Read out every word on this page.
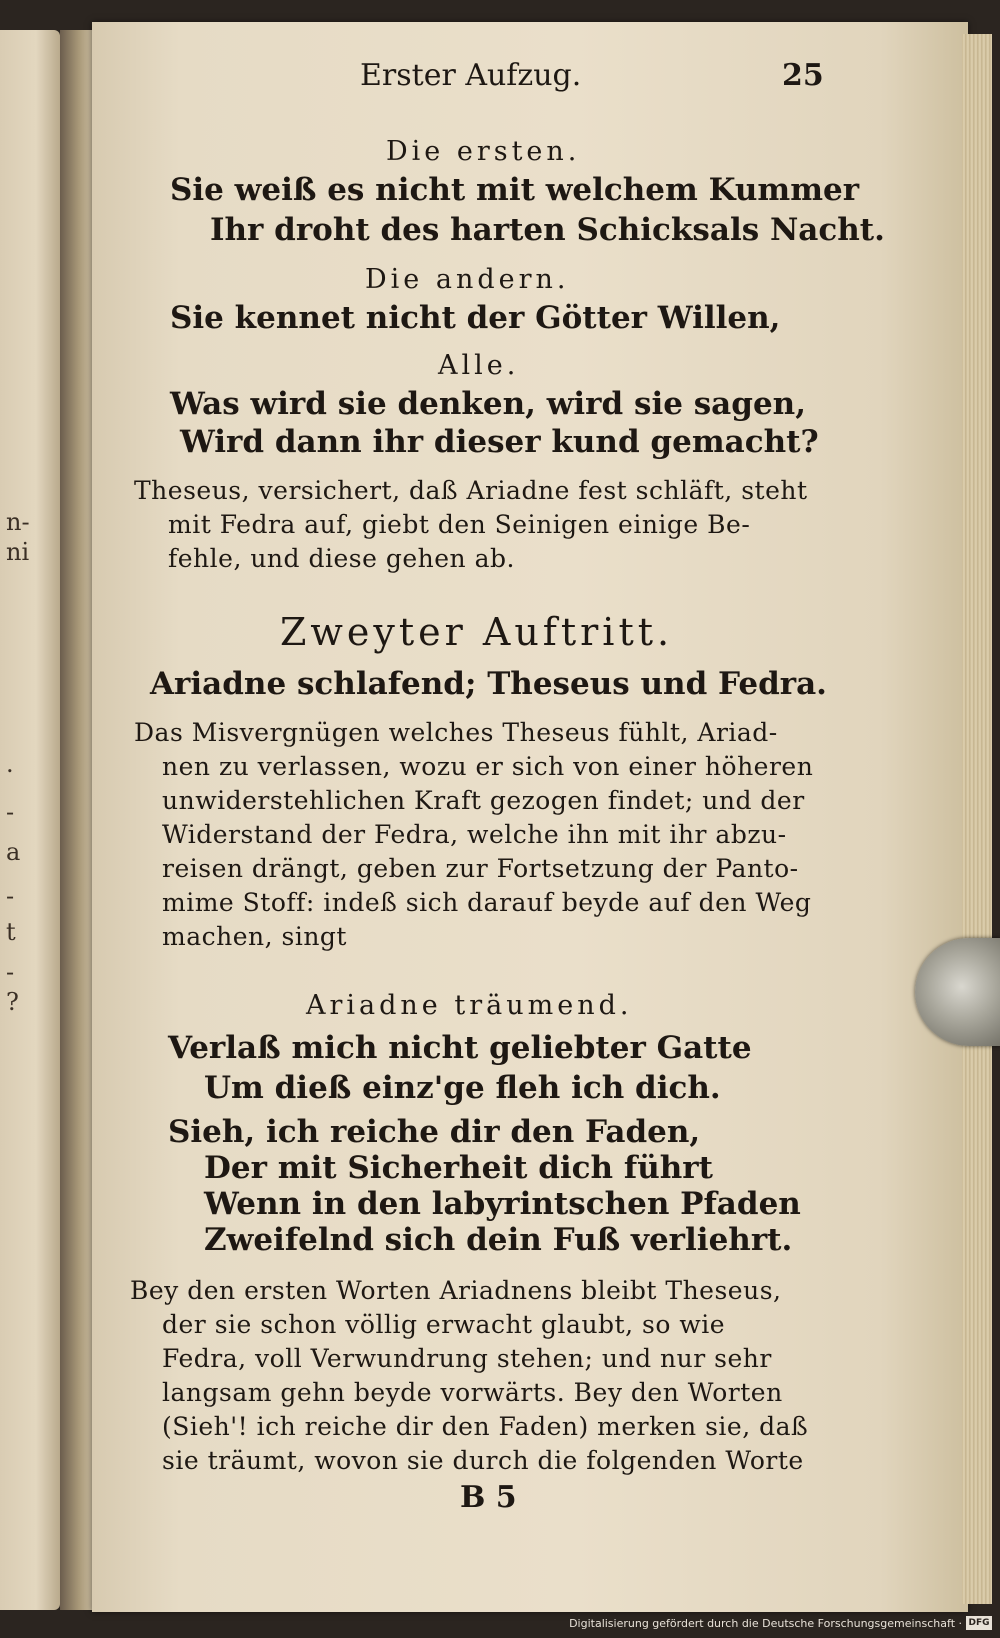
n-
ni
.
-
a
-
t
-
?
Erster Aufzug.	25
Die ersten.
Sie weiß es nicht mit welchem Kummer
Ihr droht des harten Schicksals Nacht.
Die andern.
Sie kennet nicht der Götter Willen,
Alle.
Was wird sie denken, wird sie sagen,
Wird dann ihr dieser kund gemacht?
Theseus, versichert, daß Ariadne fest schläft, steht
mit Fedra auf, giebt den Seinigen einige Be-
fehle, und diese gehen ab.
Zweyter Auftritt.
Ariadne schlafend; Theseus und Fedra.
Das Misvergnügen welches Theseus fühlt, Ariad-
nen zu verlassen, wozu er sich von einer höheren
unwiderstehlichen Kraft gezogen findet; und der
Widerstand der Fedra, welche ihn mit ihr abzu-
reisen drängt, geben zur Fortsetzung der Panto-
mime Stoff: indeß sich darauf beyde auf den Weg
machen, singt
Ariadne träumend.
Verlaß mich nicht geliebter Gatte
Um dieß einz'ge fleh ich dich.
Sieh, ich reiche dir den Faden,
Der mit Sicherheit dich führt
Wenn in den labyrintschen Pfaden
Zweifelnd sich dein Fuß verliehrt.
Bey den ersten Worten Ariadnens bleibt Theseus,
der sie schon völlig erwacht glaubt, so wie
Fedra, voll Verwundrung stehen; und nur sehr
langsam gehn beyde vorwärts. Bey den Worten
(Sieh'! ich reiche dir den Faden) merken sie, daß
sie träumt, wovon sie durch die folgenden Worte
B 5
Digitalisierung gefördert durch die Deutsche Forschungsgemeinschaft · DFG
